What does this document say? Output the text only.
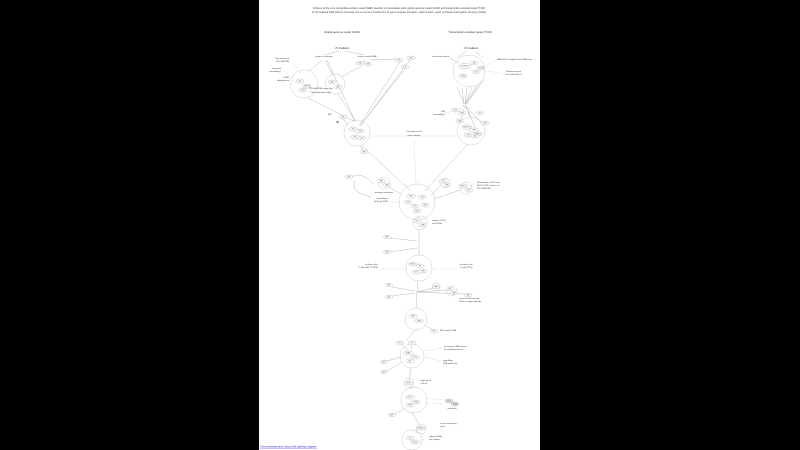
Scheme of the core nucleotide excision repair (NER) reaction in mammalian cells: global genome repair (GGR) and transcription-coupled repair (TCR)
of UV-induced DNA lesions converge into a common mechanism of open-complex formation, dual incision, repair synthesis and ligation (working model)
Global genome repair (GGR)	Transcription-coupled repair (TCR)
UV irradiation	UV irradiation
XPC
hHR23B
CEN2
DDB1
DDB2
DDB1
DDB2
CPD
6-4PP
lesion
RNA Pol II
CSA
CSB
mRNA
UVSSA
TFIIS
XAB2
p300
XPC
TFIIH
XPB
XPD
XPA
RNA Pol II
TFIIH
CSB
CSA
TFIIH	XPG
TFIIH
XPB
XPD
XPA
RPA
XPG
XPA
RPA
XPA
RPA
XPG
RPA
ERCC1
XPF
XPG
RPA
ATP
ADP
ERCC1
XPF
XPG
RPA
TFIIH
XPC
XPA
RPA
ATP
ADP
RPA
PCNA
RFC
Pol δ	Pol ε
PCNA
Pol δ/ε
RFC
ATP
ADP
dNTPs
Pol δ/ε
PCNA
RPA
Pol δ
PCNA
ADP
DNA lig I
nick
ligation
lesion in chromatin	lesion in naked DNA
Recruitment of
XPC-hHR23B
chromatin
remodelling?
DDB2
ubiquitylation
XPC-hHR23B senses the
helix-distorting lesion
transcribed strand
RNA Pol II is stalled at the DNA lesion
Displacement of
the stalled Pol II?
CSB
remodelling?
Formation of the
open complex
ATP
damage verification
Recruitment of XPG and
ERCC1-XPF; release of
XPC-hHR23B?
unwinding of
~30 bp by TFIIH
release of XPC
and TFIIH?
incision at the
5' side (ERCC1-XPF)
incision at the
3' side (XPG)
release of the excised
24-32 nt oligonucleotide
RFC loads PCNA
exchange of NER factors
for replication factors
(gap-filling
DNA synthesis)
repair patch
(~30 nt)
(recycled)
(in non-replicating
cells)
repaired DNA:
nick ligation
Comments/questions about this pathway diagram
